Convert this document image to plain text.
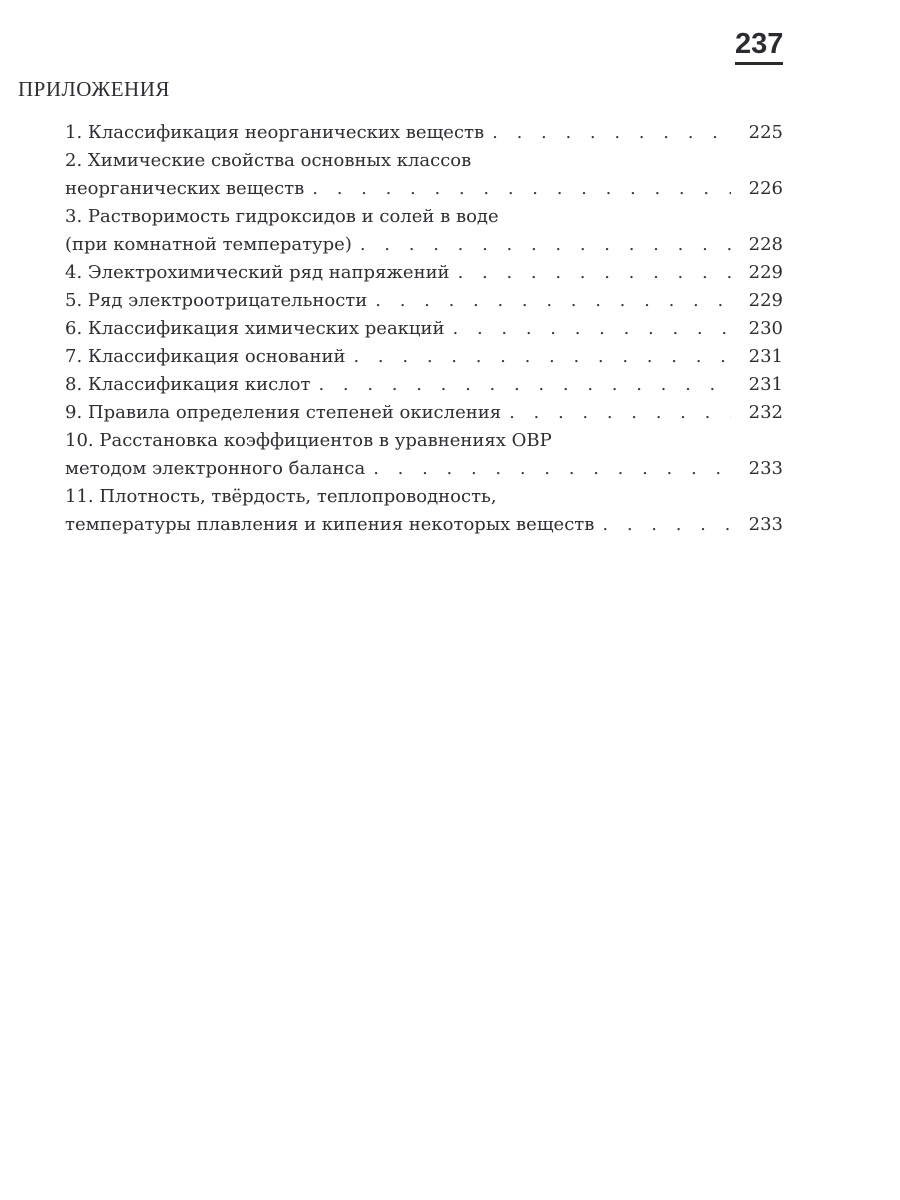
237
ПРИЛОЖЕНИЯ
1. Классификация неорганических веществ . . .	225
2. Химические свойства основных классов
неорганических веществ . . .	226
3. Растворимость гидроксидов и солей в воде
(при комнатной температуре) . . .	228
4. Электрохимический ряд напряжений . . .	229
5. Ряд электроотрицательности . . .	229
6. Классификация химических реакций . . .	230
7. Классификация оснований . . .	231
8. Классификация кислот . . .	231
9. Правила определения степеней окисления . . .	232
10. Расстановка коэффициентов в уравнениях ОВР
методом электронного баланса . . .	233
11. Плотность, твёрдость, теплопроводность,
температуры плавления и кипения некоторых веществ . . .	233
